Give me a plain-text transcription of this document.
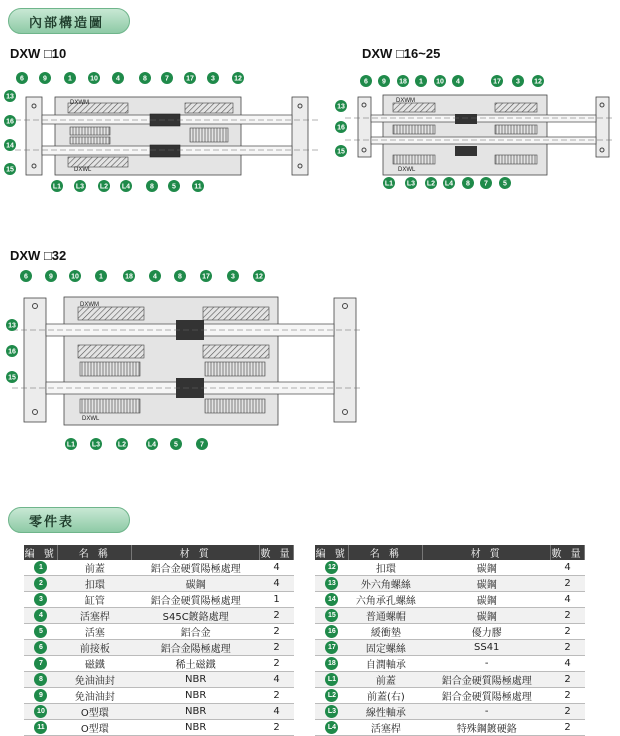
內部構造圖
DXW □10	DXW □16~25
DXW □32
DXWM
DXWL
DXWM
DXWL
DXWM
DXWL
6	9	1	10	4	8	7 17 3	12
13
16
14
15
L1 L3 L2 L4	8	5	11
6 9 18 1 10 4	17 3 12
13
16
15
L1 L3 L2 L4 8 7 5
6	9	10	1	18	4	8	17	3	12
13
16
15
L1 L3	L2	L4	5	7
零件表
編 號	名 稱	材 質	數 量
1	前蓋	鋁合金硬質陽極處理	4
2	扣環	碳鋼	4
3	缸管	鋁合金硬質陽極處理	1
4	活塞桿	S45C鍍鉻處理	2
5	活塞	鋁合金	2
6	前接板	鋁合金陽極處理	2
7	磁鐵	稀土磁鐵	2
8	免油油封	NBR	4
9	免油油封	NBR	2
10	O型環	NBR	4
11	O型環	NBR	2
編 號	名 稱	材 質	數 量
12	扣環	碳鋼	4
13	外六角螺絲	碳鋼	2
14	六角承孔螺絲	碳鋼	4
15	普通螺帽	碳鋼	2
16	緩衝墊	優力膠	2
17	固定螺絲	SS41	2
18	自潤軸承	-	4
L1	前蓋	鋁合金硬質陽極處理	2
L2	前蓋(右)	鋁合金硬質陽極處理	2
L3	線性軸承	-	2
L4	活塞桿	特殊鋼鍍硬鉻	2
